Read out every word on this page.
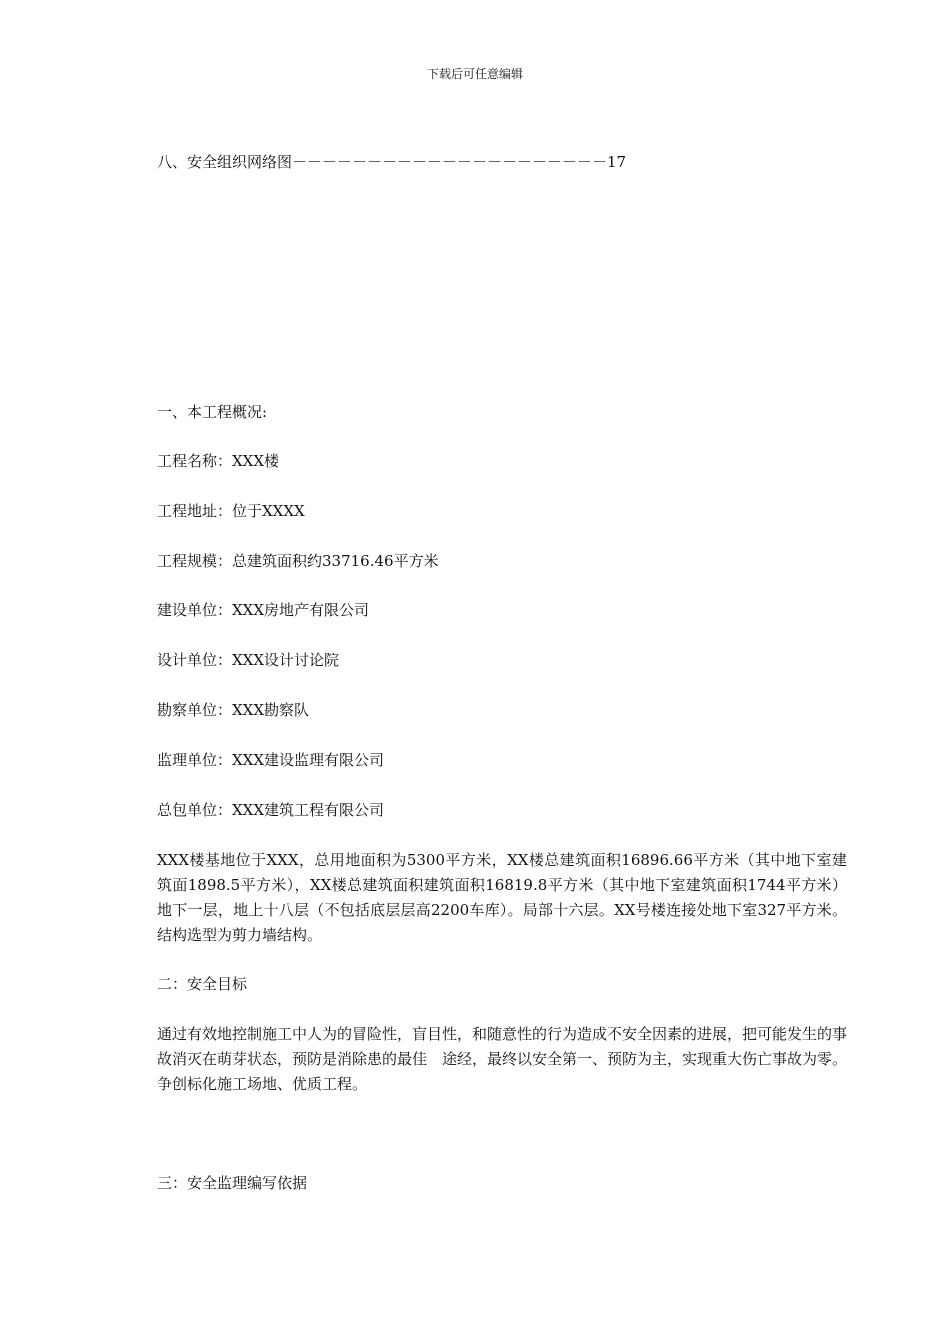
下载后可任意编辑
八、安全组织网络图－－－－－－－－－－－－－－－－－－－－－17
一、本工程概况:
工程名称：XXX楼
工程地址：位于XXXX
工程规模：总建筑面积约33716.46平方米
建设单位：XXX房地产有限公司
设计单位：XXX设计讨论院
勘察单位：XXX勘察队
监理单位：XXX建设监理有限公司
总包单位：XXX建筑工程有限公司
XXX楼基地位于XXX，总用地面积为5300平方米，XX楼总建筑面积16896.66平方米（其中地下室建筑面1898.5平方米），XX楼总建筑面积建筑面积16819.8平方米（其中地下室建筑面积1744平方米）地下一层，地上十八层（不包括底层层高2200车库）。局部十六层。XX号楼连接处地下室327平方米。结构选型为剪力墙结构。
二：安全目标
通过有效地控制施工中人为的冒险性，盲目性，和随意性的行为造成不安全因素的进展，把可能发生的事故消灭在萌芽状态，预防是消除患的最佳　途经，最终以安全第一、预防为主，实现重大伤亡事故为零。争创标化施工场地、优质工程。
三：安全监理编写依据
